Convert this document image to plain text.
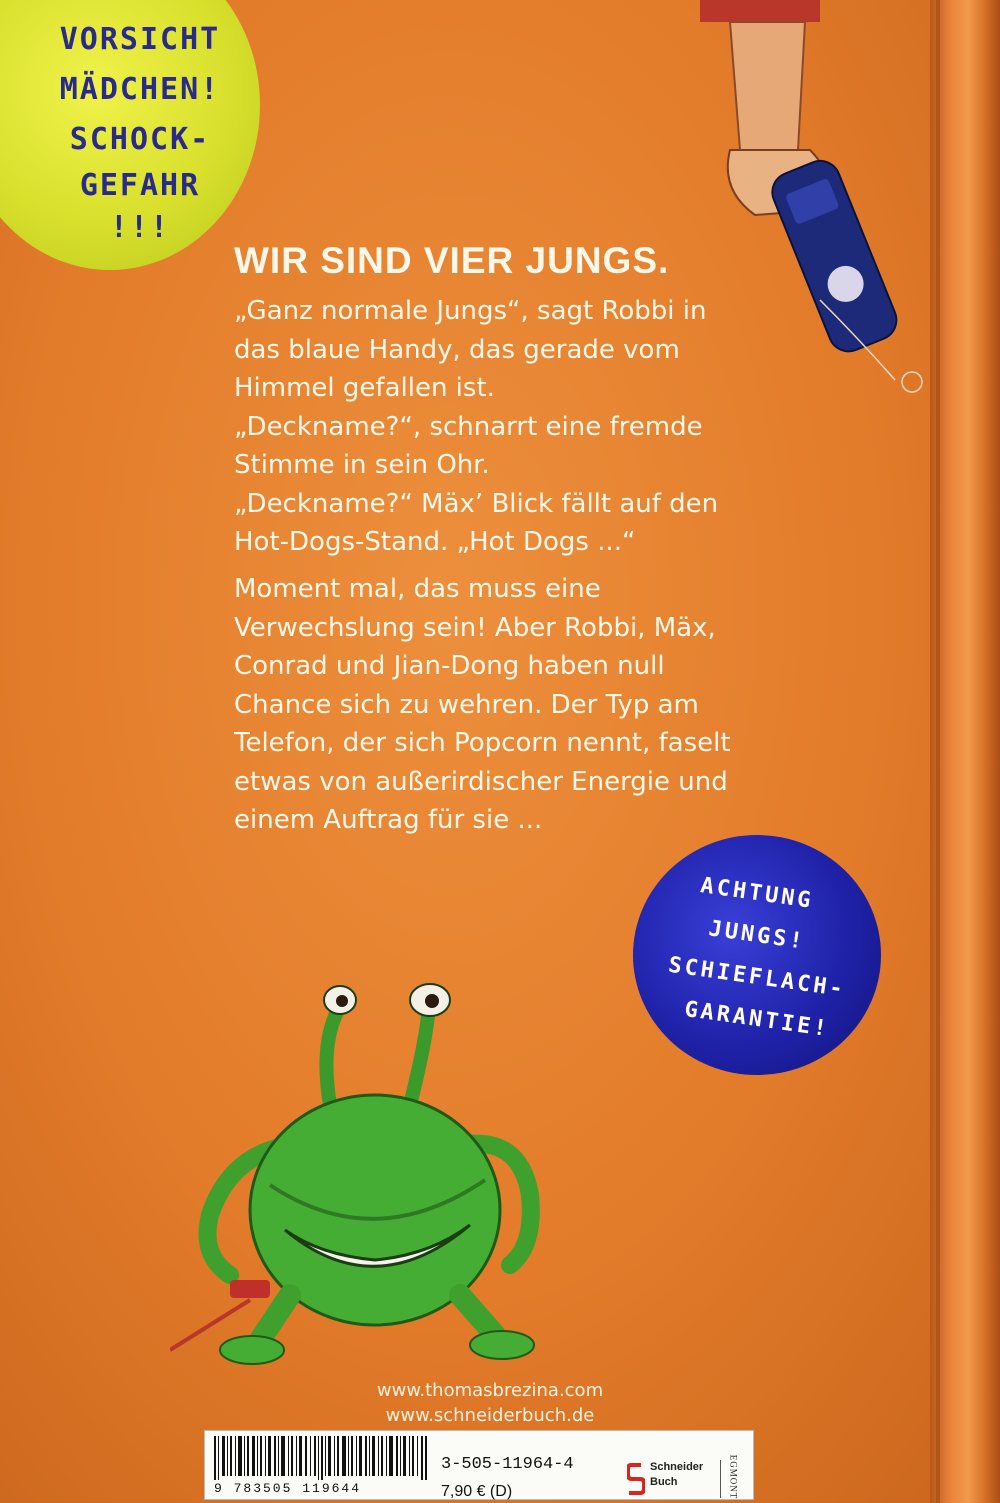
VORSICHT
MÄDCHEN!
SCHOCK-
GEFAHR
!!!
WIR SIND VIER JUNGS.
„Ganz normale Jungs“, sagt Robbi in
das blaue Handy, das gerade vom
Himmel gefallen ist.
„Deckname?“, schnarrt eine fremde
Stimme in sein Ohr.
„Deckname?“ Mäx’ Blick fällt auf den
Hot-Dogs-Stand. „Hot Dogs ...“
Moment mal, das muss eine
Verwechslung sein! Aber Robbi, Mäx,
Conrad und Jian-Dong haben null
Chance sich zu wehren. Der Typ am
Telefon, der sich Popcorn nennt, faselt
etwas von außerirdischer Energie und
einem Auftrag für sie ...
ACHTUNG
JUNGS!
SCHIEFLACH-
GARANTIE!
www.thomasbrezina.com
www.schneiderbuch.de
9 783505 119644
3-505-11964-4
7,90 € (D)
Schneider
Buch	EGMONT
